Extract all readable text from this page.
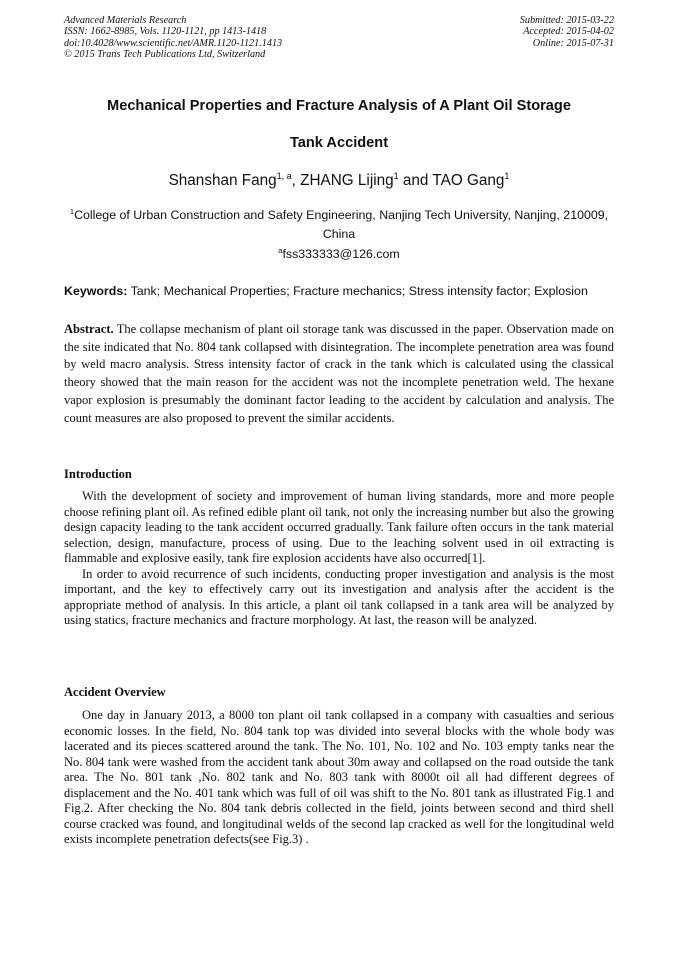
Advanced Materials Research
ISSN: 1662-8985, Vols. 1120-1121, pp 1413-1418
doi:10.4028/www.scientific.net/AMR.1120-1121.1413
© 2015 Trans Tech Publications Ltd, Switzerland
Submitted: 2015-03-22
Accepted: 2015-04-02
Online: 2015-07-31
Mechanical Properties and Fracture Analysis of A Plant Oil Storage
Tank Accident
Shanshan Fang$^{1, a}$, ZHANG Lijing$^1$ and TAO Gang$^1$
$^1$College of Urban Construction and Safety Engineering, Nanjing Tech University, Nanjing, 210009, China
$^a$fss333333@126.com
Keywords: Tank; Mechanical Properties; Fracture mechanics; Stress intensity factor; Explosion
Abstract. The collapse mechanism of plant oil storage tank was discussed in the paper. Observation made on the site indicated that No. 804 tank collapsed with disintegration. The incomplete penetration area was found by weld macro analysis. Stress intensity factor of crack in the tank which is calculated using the classical theory showed that the main reason for the accident was not the incomplete penetration weld. The hexane vapor explosion is presumably the dominant factor leading to the accident by calculation and analysis. The count measures are also proposed to prevent the similar accidents.
Introduction

With the development of society and improvement of human living standards, more and more people choose refining plant oil. As refined edible plant oil tank, not only the increasing number but also the growing design capacity leading to the tank accident occurred gradually. Tank failure often occurs in the tank material selection, design, manufacture, process of using. Due to the leaching solvent used in oil extracting is flammable and explosive easily, tank fire explosion accidents have also occurred[1].

In order to avoid recurrence of such incidents, conducting proper investigation and analysis is the most important, and the key to effectively carry out its investigation and analysis after the accident is the appropriate method of analysis. In this article, a plant oil tank collapsed in a tank area will be analyzed by using statics, fracture mechanics and fracture morphology. At last, the reason will be analyzed.

Accident Overview

One day in January 2013, a 8000 ton plant oil tank collapsed in a company with casualties and serious economic losses. In the field, No. 804 tank top was divided into several blocks with the whole body was lacerated and its pieces scattered around the tank. The No. 101, No. 102 and No. 103 empty tanks near the No. 804 tank were washed from the accident tank about 30m away and collapsed on the road outside the tank area. The No. 801 tank ,No. 802 tank and No. 803 tank with 8000t oil all had different degrees of displacement and the No. 401 tank which was full of oil was shift to the No. 801 tank as illustrated Fig.1 and Fig.2. After checking the No. 804 tank debris collected in the field, joints between second and third shell course cracked was found, and longitudinal welds of the second lap cracked as well for the longitudinal weld exists incomplete penetration defects(see Fig.3) .
